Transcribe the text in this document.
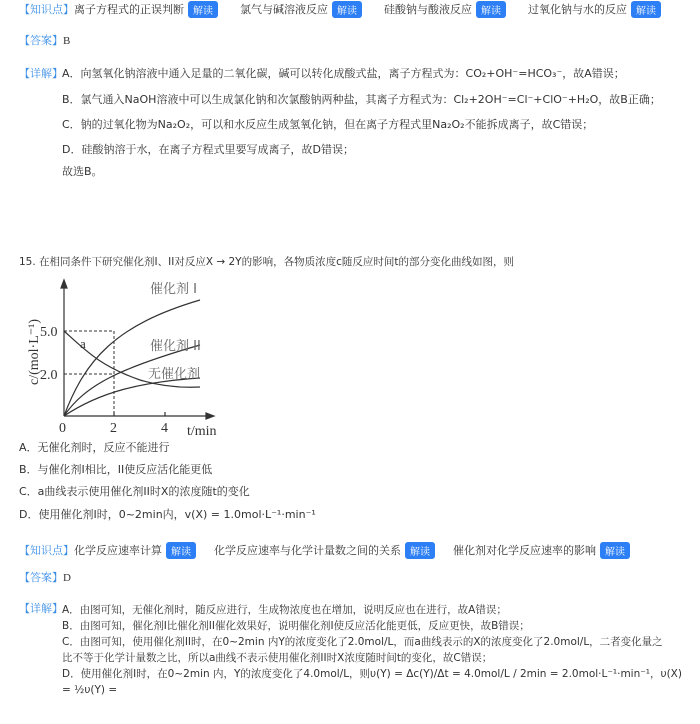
【知识点】 离子方程式的正误判断 解读	氯气与碱溶液反应 解读	硅酸钠与酸液反应 解读	过氧化钠与水的反应 解读
【答案】B
【详解】 A．向氢氧化钠溶液中通入足量的二氧化碳，碱可以转化成酸式盐，离子方程式为：CO₂+OH⁻=HCO₃⁻，故A错误；
B．氯气通入NaOH溶液中可以生成氯化钠和次氯酸钠两种盐，其离子方程式为：Cl₂+2OH⁻=Cl⁻+ClO⁻+H₂O，故B正确；
C．钠的过氧化物为Na₂O₂，可以和水反应生成氢氧化钠，但在离子方程式里Na₂O₂不能拆成离子，故C错误；
D．硅酸钠溶于水，在离子方程式里要写成离子，故D错误；
故选B。
15. 在相同条件下研究催化剂I、II对反应X → 2Y的影响，各物质浓度c随反应时间t的部分变化曲线如图，则
催化剂 I
催化剂 II
无催化剂
a
5.0
2.0
0	2	4 t/min
c/(mol·L⁻¹)
A．无催化剂时，反应不能进行
B．与催化剂I相比，II使反应活化能更低
C．a曲线表示使用催化剂II时X的浓度随t的变化
D．使用催化剂I时，0~2min内，v(X) = 1.0mol·L⁻¹·min⁻¹
【知识点】 化学反应速率计算 解读	化学反应速率与化学计量数之间的关系 解读	催化剂对化学反应速率的影响 解读
【答案】D
【详解】 A．由图可知，无催化剂时，随反应进行，生成物浓度也在增加，说明反应也在进行，故A错误；
B．由图可知，催化剂I比催化剂II催化效果好，说明催化剂I使反应活化能更低，反应更快，故B错误；
C．由图可知，使用催化剂II时，在0~2min 内Y的浓度变化了2.0mol/L，而a曲线表示的X的浓度变化了2.0mol/L，二者变化量之
比不等于化学计量数之比，所以a曲线不表示使用催化剂II时X浓度随时间t的变化，故C错误；
D．使用催化剂I时，在0~2min 内，Y的浓度变化了4.0mol/L，则υ(Y) = Δc(Y)/Δt = 4.0mol/L / 2min = 2.0mol·L⁻¹·min⁻¹，υ(X) = ½υ(Y) =
